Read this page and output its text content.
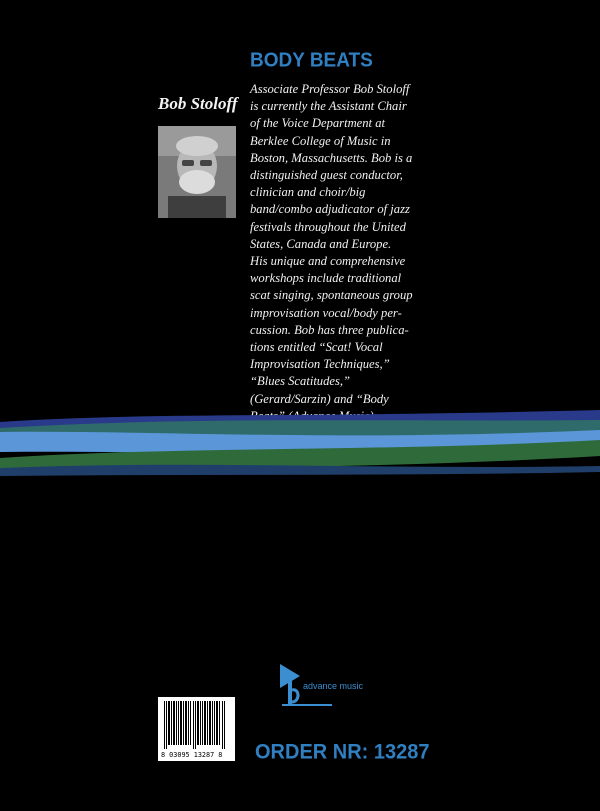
BODY BEATS
Bob Stoloff
Associate Professor Bob Stoloff
is currently the Assistant Chair
of the Voice Department at
Berklee College of Music in
Boston, Massachusetts. Bob is a
distinguished guest conductor,
clinician and choir/big
band/combo adjudicator of jazz
festivals throughout the United
States, Canada and Europe.
His unique and comprehensive
workshops include traditional
scat singing, spontaneous group
improvisation vocal/body per-
cussion. Bob has three publica-
tions entitled “Scat! Vocal
Improvisation Techniques,”
“Blues Scatitudes,”
(Gerard/Sarzin) and “Body
advance music
8 03095 13287 8	ORDER NR: 13287
